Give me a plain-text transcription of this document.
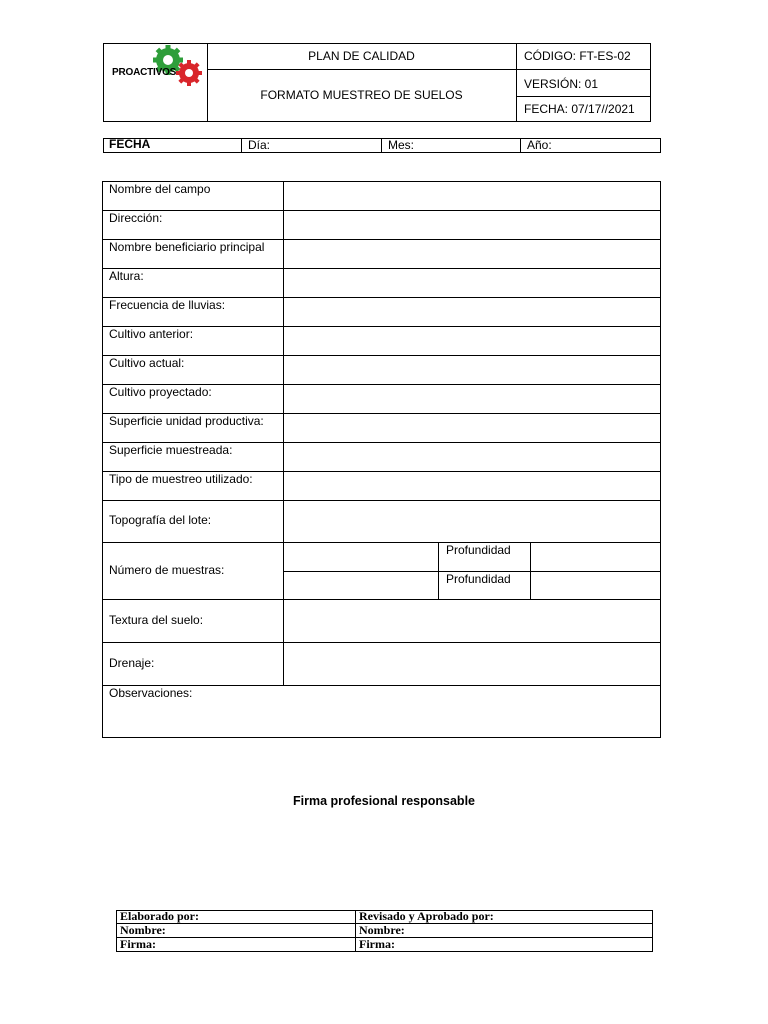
PROACTIVOS
PLAN DE CALIDAD
FORMATO MUESTREO DE SUELOS
CÓDIGO: FT-ES-02
VERSIÓN: 01
FECHA: 07/17//2021
FECHA	Día:	Mes:	Año:
Nombre del campo
Dirección:
Nombre beneficiario principal
Altura:
Frecuencia de lluvias:
Cultivo anterior:
Cultivo actual:
Cultivo proyectado:
Superficie unidad productiva:
Superficie muestreada:
Tipo de muestreo utilizado:
Topografía del lote:
Número de muestras:
Profundidad
Profundidad
Textura del suelo:
Drenaje:
Observaciones:
Firma profesional responsable
Elaborado por:	Revisado y Aprobado por:
Nombre:	Nombre:
Firma:	Firma:
